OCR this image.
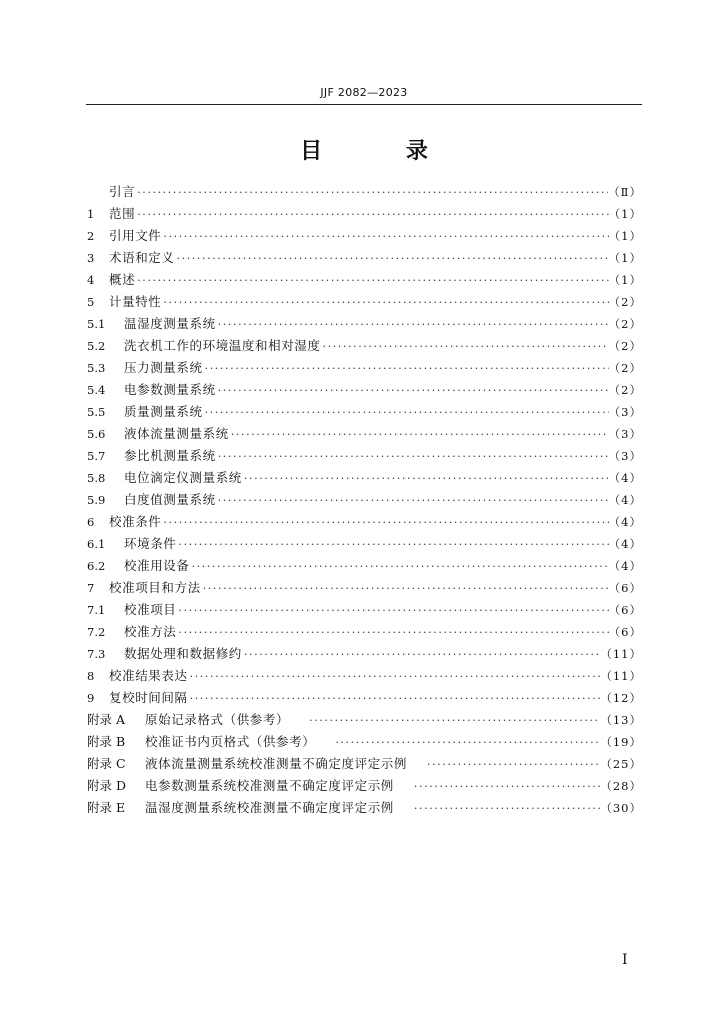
JJF 2082—2023
目 录
引言 ·····	（Ⅱ）
1	范围 ·····	（1）
2	引用文件 ·····	（1）
3	术语和定义 ·····	（1）
4	概述 ·····	（1）
5	计量特性 ·····	（2）
5.1	温湿度测量系统 ·····	（2）
5.2	洗衣机工作的环境温度和相对湿度 ·····	（2）
5.3	压力测量系统 ·····	（2）
5.4	电参数测量系统 ·····	（2）
5.5	质量测量系统 ·····	（3）
5.6	液体流量测量系统 ·····	（3）
5.7	参比机测量系统 ·····	（3）
5.8	电位滴定仪测量系统 ·····	（4）
5.9	白度值测量系统 ·····	（4）
6	校准条件 ·····	（4）
6.1	环境条件 ·····	（4）
6.2	校准用设备 ·····	（4）
7	校准项目和方法 ·····	（6）
7.1	校准项目 ·····	（6）
7.2	校准方法 ·····	（6）
7.3	数据处理和数据修约 ·····	（11）
8	校准结果表达 ·····	（11）
9	复校时间间隔 ·····	（12）
附录 A	原始记录格式（供参考） ·····	（13）
附录 B	校准证书内页格式（供参考） ·····	（19）
附录 C	液体流量测量系统校准测量不确定度评定示例 ·····	（25）
附录 D	电参数测量系统校准测量不确定度评定示例 ·····	（28）
附录 E	温湿度测量系统校准测量不确定度评定示例 ·····	（30）
I
